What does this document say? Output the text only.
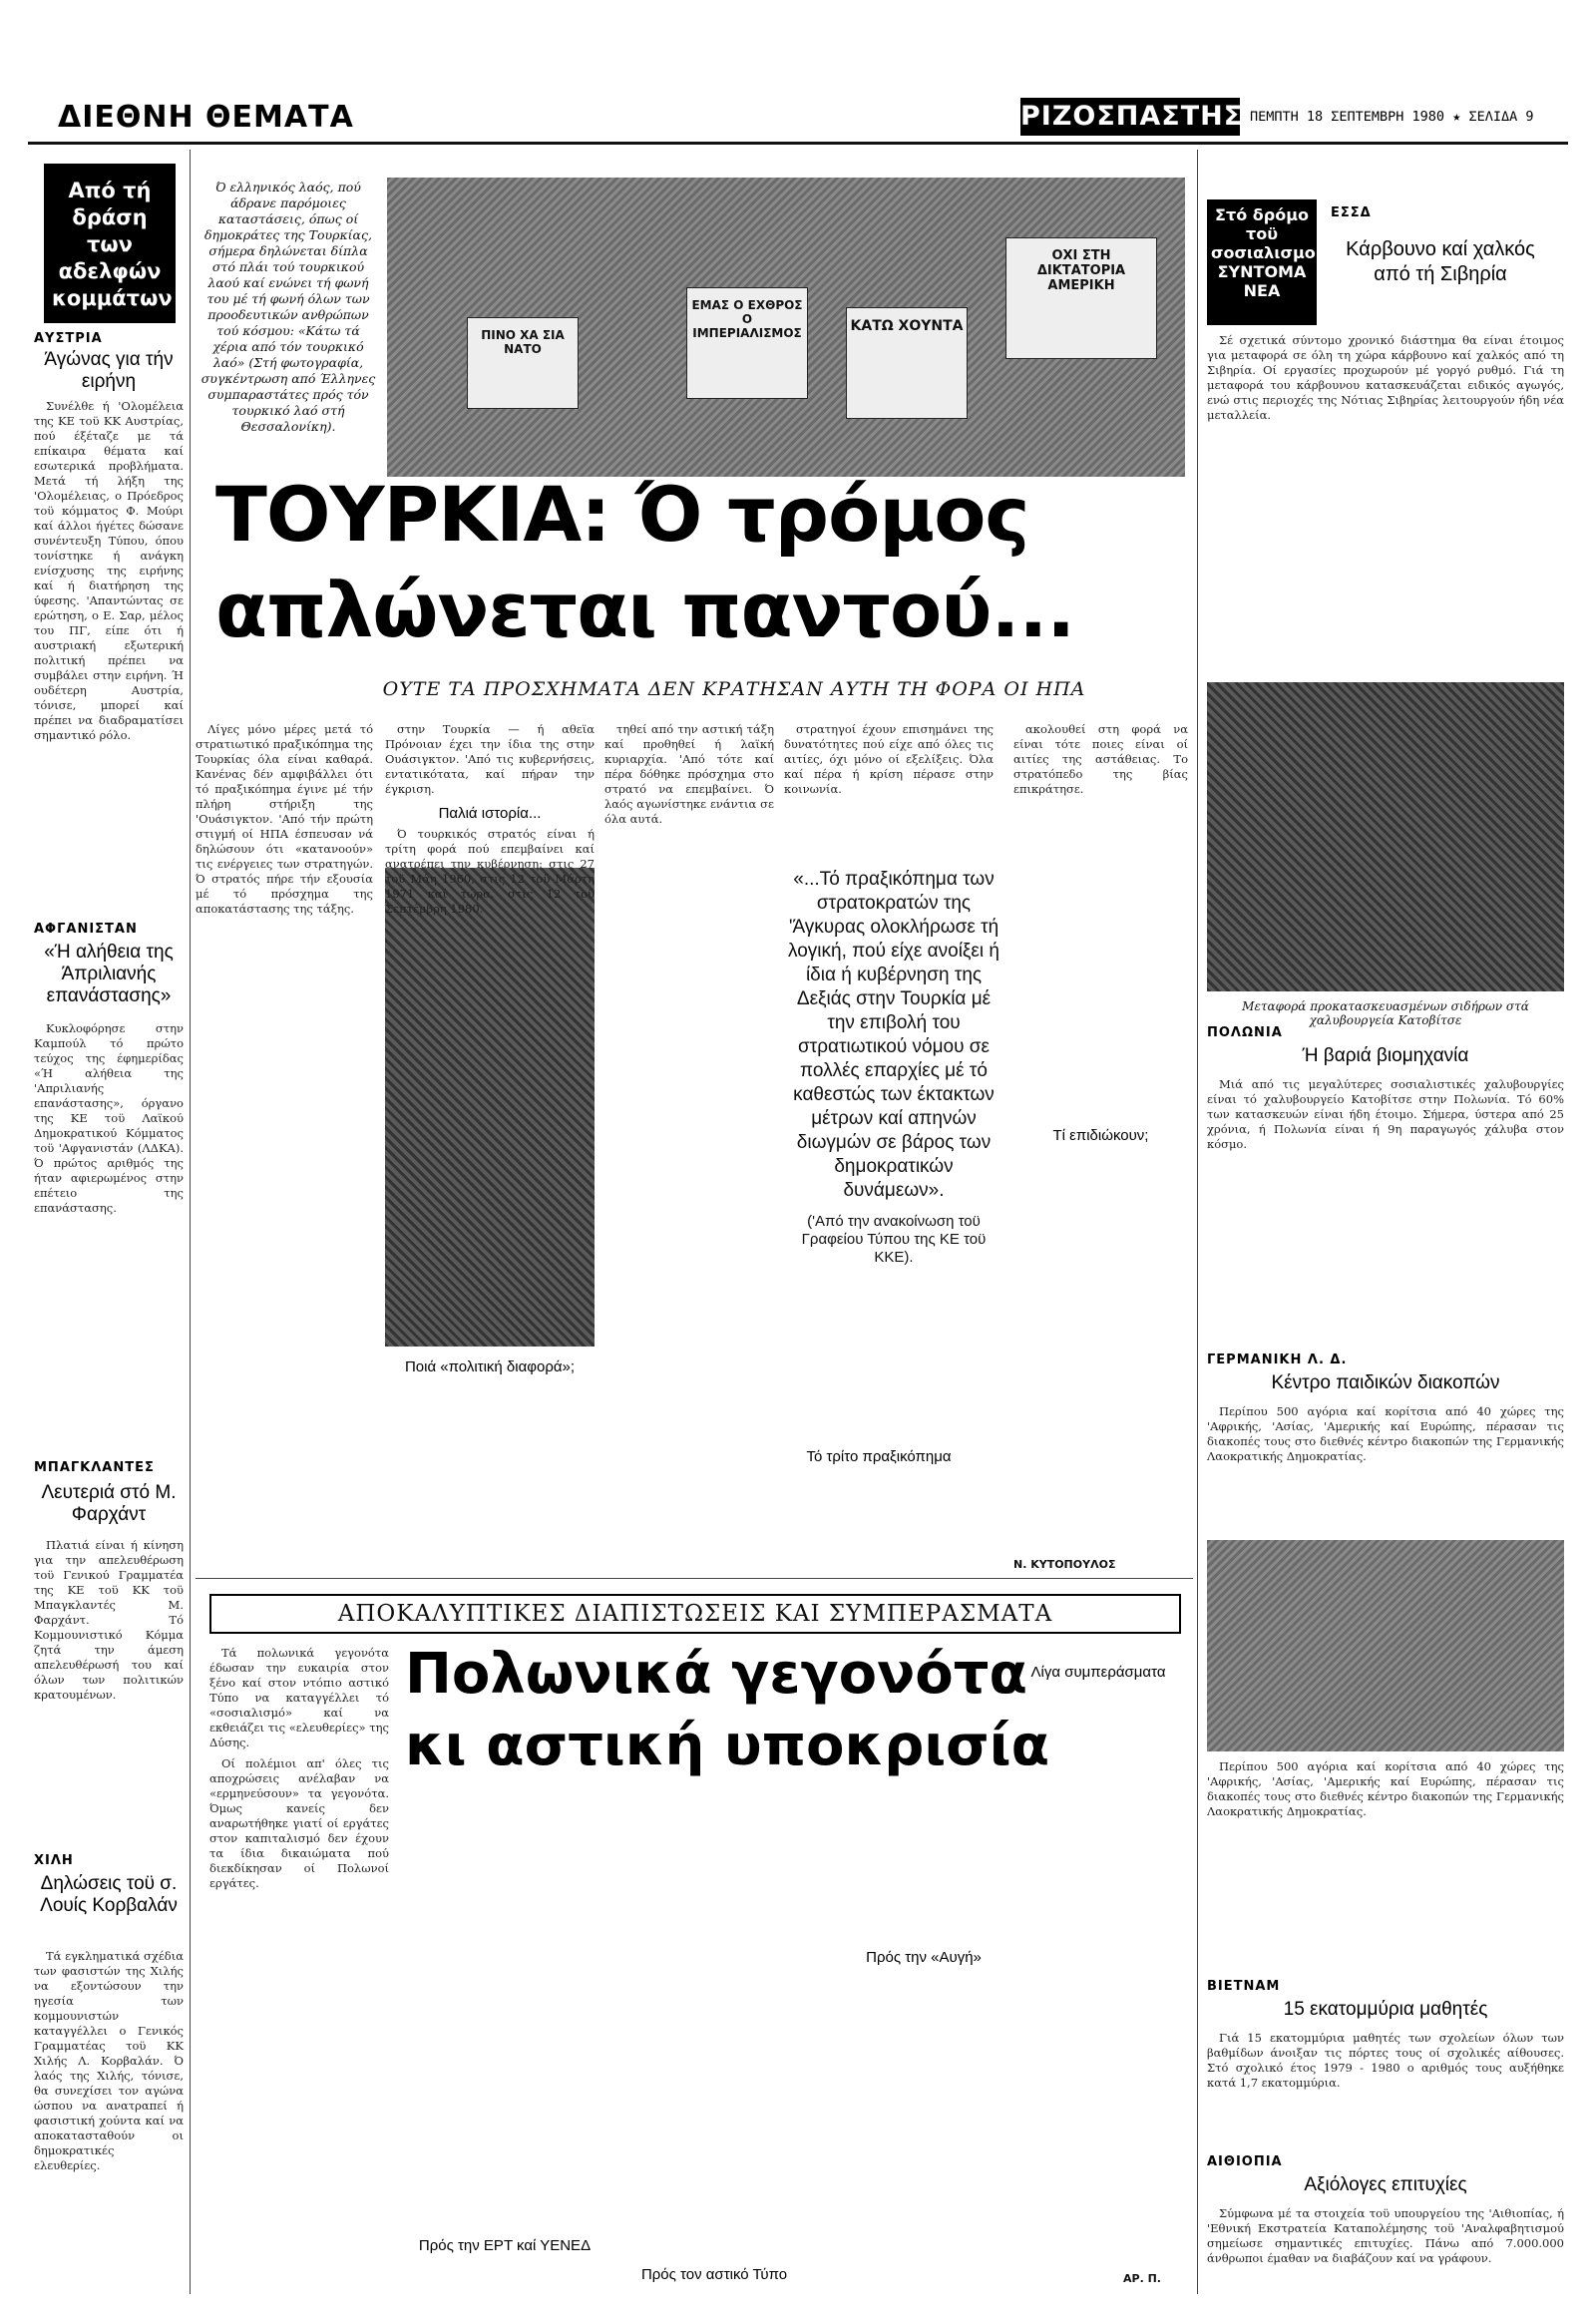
ΔΙΕΘΝΗ ΘΕΜΑΤΑ	ΡΙΖΟΣΠΑΣΤΗΣ ΠΕΜΠΤΗ 18 ΣΕΠΤΕΜΒΡΗ 1980 ★ ΣΕΛΙΔΑ 9
Από τή δράση των αδελφών κομμάτων
ΑΥΣΤΡΙΑ
Άγώνας για τήν ειρήνη

Συνέλθε ή 'Ολομέλεια της ΚΕ τοϋ ΚΚ Αυστρίας, πού έξέταζε με τά επίκαιρα θέματα καί εσωτερικά προβλήματα. Μετά τή λήξη της 'Ολομέλειας, ο Πρόεδρος τοϋ κόμματος Φ. Μούρι καί άλλοι ήγέτες δώσανε συνέντευξη Τύπου, όπου τονίστηκε ή ανάγκη ενίσχυσης της ειρήνης καί ή διατήρηση της ύφεσης. 'Απαντώντας σε ερώτηση, ο Ε. Σαρ, μέλος του ΠΓ, είπε ότι ή αυστριακή εξωτερική πολιτική πρέπει να συμβάλει στην ειρήνη. Ή ουδέτερη Αυστρία, τόνισε, μπορεί καί πρέπει να διαδραματίσει σημαντικό ρόλο.

ΑΦΓΑΝΙΣΤΑΝ
«Ή αλήθεια της Άπριλιανής επανάστασης»

Κυκλοφόρησε στην Καμπούλ τό πρώτο τεύχος της έφημερίδας «Ή αλήθεια της 'Απριλιανής επανάστασης», όργανο της ΚΕ τοϋ Λαϊκού Δημοκρατικού Κόμματος τοϋ 'Αφγανιστάν (ΛΔΚΑ). Ό πρώτος αριθμός της ήταν αφιερωμένος στην επέτειο της επανάστασης.

ΜΠΑΓΚΛΑΝΤΕΣ
Λευτεριά στό Μ. Φαρχάντ

Πλατιά είναι ή κίνηση για την απελευθέρωση τοϋ Γενικού Γραμματέα της ΚΕ τοϋ ΚΚ τοϋ Μπαγκλαντές Μ. Φαρχάντ. Τό Κομμουνιστικό Κόμμα ζητά την άμεση απελευθέρωσή του καί όλων των πολιτικών κρατουμένων.

ΧΙΛΗ
Δηλώσεις τοϋ σ. Λουίς Κορβαλάν

Τά εγκληματικά σχέδια των φασιστών της Χιλής να εξοντώσουν την ηγεσία των κομμουνιστών καταγγέλλει ο Γενικός Γραμματέας τοϋ ΚΚ Χιλής Λ. Κορβαλάν. Ό λαός της Χιλής, τόνισε, θα συνεχίσει τον αγώνα ώσπου να ανατραπεί ή φασιστική χούντα καί να αποκατασταθούν οι δημοκρατικές ελευθερίες.

Ό ελληνικός λαός, πού άδρανε παρόμοιες καταστάσεις, όπως οί δημοκράτες της Τουρκίας, σήμερα δηλώνεται δίπλα στό πλάι τού τουρκικού λαού καί ενώνει τή φωνή του μέ τή φωνή όλων των προοδευτικών ανθρώπων τού κόσμου: «Κάτω τά χέρια από τόν τουρκικό λαό» (Στή φωτογραφία, συγκέντρωση από Έλληνες συμπαραστάτες πρός τόν τουρκικό λαό στή Θεσσαλονίκη).
ΠΙΝΟ ΧΑ ΣΙΑ ΝΑΤΟ
ΕΜΑΣ Ο ΕΧΘΡΟΣ Ο ΙΜΠΕΡΙΑΛΙΣΜΟΣ	ΚΑΤΩ ΧΟΥΝΤΑ
ΟΧΙ ΣΤΗ ΔΙΚΤΑΤΟΡΙΑ ΑΜΕΡΙΚΗ
ΤΟΥΡΚΙΑ: Ό τρόμος
απλώνεται παντού...
ΟΥΤΕ ΤΑ ΠΡΟΣΧΗΜΑΤΑ ΔΕΝ ΚΡΑΤΗΣΑΝ ΑΥΤΗ ΤΗ ΦΟΡΑ ΟΙ ΗΠΑ

Λίγες μόνο μέρες μετά τό στρατιωτικό πραξικόπημα της Τουρκίας όλα είναι καθαρά. Κανένας δέν αμφιβάλλει ότι τό πραξικόπημα έγινε μέ τήν πλήρη στήριξη της 'Ουάσιγκτον. 'Από τήν πρώτη στιγμή οί ΗΠΑ έσπευσαν νά δηλώσουν ότι «κατανοούν» τις ενέργειες των στρατηγών. Ό στρατός πήρε τήν εξουσία μέ τό πρόσχημα της αποκατάστασης της τάξης.

στην Τουρκία — ή αθεϊα Πρόνοιαν έχει την ίδια της στην Ουάσιγκτον. 'Από τις κυβερνήσεις, εντατικότατα, καί πήραν την έγκριση.

Παλιά ιστορία...

Ό τουρκικός στρατός είναι ή τρίτη φορά πού επεμβαίνει καί ανατρέπει την κυβέρνηση: στις 27 τοϋ Μάη 1960, στις 12 τοϋ Μάρτη 1971 καί τώρα, στις 12 τοϋ Σεπτέμβρη 1980.

Ποιά «πολιτική διαφορά»;

τηθεί από την αστική τάξη καί προθηθεί ή λαϊκή κυριαρχία. 'Από τότε καί πέρα δόθηκε πρόσχημα στο στρατό να επεμβαίνει. Ό λαός αγωνίστηκε ενάντια σε όλα αυτά.

«...Τό πραξικόπημα των στρατοκρατών της 'Άγκυρας ολοκλήρωσε τή λογική, πού είχε ανοίξει ή ίδια ή κυβέρνηση της Δεξιάς στην Τουρκία μέ την επιβολή του στρατιωτικού νόμου σε πολλές επαρχίες μέ τό καθεστώς των έκτακτων μέτρων καί απηνών διωγμών σε βάρος των δημοκρατικών δυνάμεων».
('Από την ανακοίνωση τοϋ Γραφείου Τύπου της ΚΕ τοϋ ΚΚΕ).

στρατηγοί έχουν επισημάνει της δυνατότητες πού είχε από όλες τις αιτίες, όχι μόνο οί εξελίξεις. Όλα καί πέρα ή κρίση πέρασε στην κοινωνία.

ακολουθεί στη φορά να είναι τότε ποιες είναι οί αιτίες της αστάθειας. Το στρατόπεδο της βίας επικράτησε.

Τί επιδιώκουν;
Τό τρίτο πραξικόπημα
Ν. ΚΥΤΟΠΟΥΛΟΣ
ΑΠΟΚΑΛΥΠΤΙΚΕΣ ΔΙΑΠΙΣΤΩΣΕΙΣ ΚΑΙ ΣΥΜΠΕΡΑΣΜΑΤΑ

Τά πολωνικά γεγονότα έδωσαν την ευκαιρία στον ξένο καί στον ντόπιο αστικό Τύπο να καταγγέλλει τό «σοσιαλισμό» καί να εκθειάζει τις «ελευθερίες» της Δύσης.

Οί πολέμιοι απ' όλες τις αποχρώσεις ανέλαβαν να «ερμηνεύσουν» τα γεγονότα. Όμως κανείς δεν αναρωτήθηκε γιατί οί εργάτες στον καπιταλισμό δεν έχουν τα ίδια δικαιώματα πού διεκδίκησαν οί Πολωνοί εργάτες.

Πολωνικά γεγονότα
κι αστική υποκρισία
Πρός την ΕΡΤ καί ΥΕΝΕΔ
Πρός τον αστικό Τύπο
Πρός την «Αυγή»
Λίγα συμπεράσματα
ΑΡ. Π.
Στό δρόμο τοϋ σοσιαλισμού ΣΥΝΤΟΜΑ ΝΕΑ
ΕΣΣΔ
Κάρβουνο καί χαλκός από τή Σιβηρία

Σέ σχετικά σύντομο χρονικό διάστημα θα είναι έτοιμος για μεταφορά σε όλη τη χώρα κάρβουνο καί χαλκός από τη Σιβηρία. Οί εργασίες προχωρούν μέ γοργό ρυθμό. Γιά τη μεταφορά του κάρβουνου κατασκευάζεται ειδικός αγωγός, ενώ στις περιοχές της Νότιας Σιβηρίας λειτουργούν ήδη νέα μεταλλεία.

Μεταφορά προκατασκευασμένων σιδήρων στά χαλυβουργεία Κατοβίτσε
ΠΟΛΩΝΙΑ
Ή βαριά βιομηχανία

Μιά από τις μεγαλύτερες σοσιαλιστικές χαλυβουργίες είναι τό χαλυβουργείο Κατοβίτσε στην Πολωνία. Τό 60% των κατασκευών είναι ήδη έτοιμο. Σήμερα, ύστερα από 25 χρόνια, ή Πολωνία είναι ή 9η παραγωγός χάλυβα στον κόσμο.

ΓΕΡΜΑΝΙΚΗ Λ. Δ.
Κέντρο παιδικών διακοπών

Περίπου 500 αγόρια καί κορίτσια από 40 χώρες της 'Αφρικής, 'Ασίας, 'Αμερικής καί Ευρώπης, πέρασαν τις διακοπές τους στο διεθνές κέντρο διακοπών της Γερμανικής Λαοκρατικής Δημοκρατίας.

Περίπου 500 αγόρια καί κορίτσια από 40 χώρες της 'Αφρικής, 'Ασίας, 'Αμερικής καί Ευρώπης, πέρασαν τις διακοπές τους στο διεθνές κέντρο διακοπών της Γερμανικής Λαοκρατικής Δημοκρατίας.

ΒΙΕΤΝΑΜ
15 εκατομμύρια μαθητές

Γιά 15 εκατομμύρια μαθητές των σχολείων όλων των βαθμίδων άνοιξαν τις πόρτες τους οί σχολικές αίθουσες. Στό σχολικό έτος 1979 - 1980 ο αριθμός τους αυξήθηκε κατά 1,7 εκατομμύρια.

ΑΙΘΙΟΠΙΑ
Αξιόλογες επιτυχίες

Σύμφωνα μέ τα στοιχεία τοϋ υπουργείου της 'Αιθιοπίας, ή 'Εθνική Εκστρατεία Καταπολέμησης τοϋ 'Αναλφαβητισμού σημείωσε σημαντικές επιτυχίες. Πάνω από 7.000.000 άνθρωποι έμαθαν να διαβάζουν καί να γράφουν.
